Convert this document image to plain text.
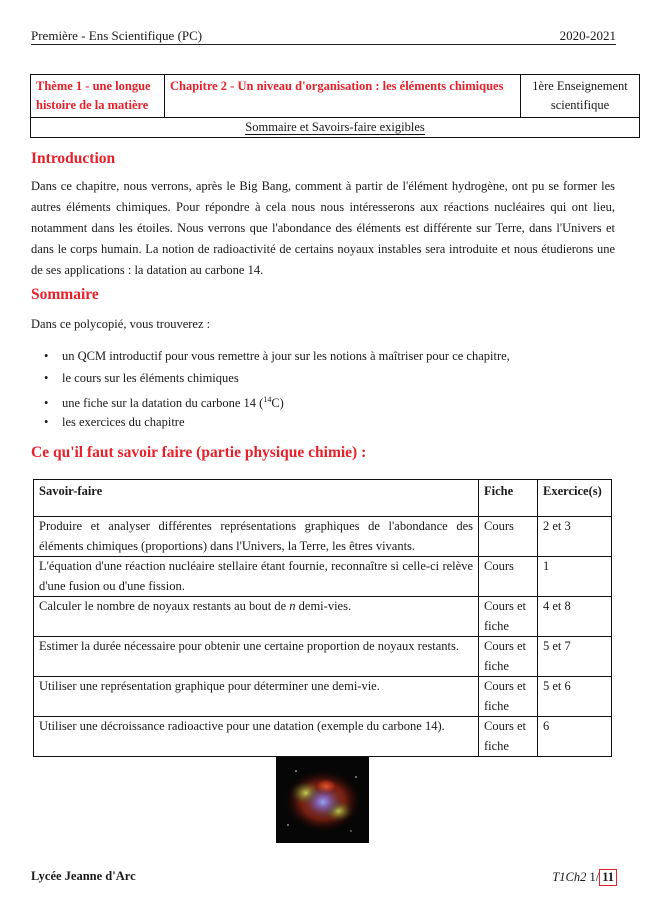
Première - Ens Scientifique (PC)	2020-2021
Thème 1 - une longue histoire de la matière	Chapitre 2 - Un niveau d'organisation : les éléments chimiques	1ère Enseignement scientifique
Sommaire et Savoirs-faire exigibles
Introduction

Dans ce chapitre, nous verrons, après le Big Bang, comment à partir de l'élément hydrogène, ont pu se former les autres éléments chimiques. Pour répondre à cela nous nous intéresserons aux réactions nucléaires qui ont lieu, notamment dans les étoiles. Nous verrons que l'abondance des éléments est différente sur Terre, dans l'Univers et dans le corps humain. La notion de radioactivité de certains noyaux instables sera introduite et nous étudierons une de ses applications : la datation au carbone 14.

Sommaire

Dans ce polycopié, vous trouverez :

• un QCM introductif pour vous remettre à jour sur les notions à maîtriser pour ce chapitre,
• le cours sur les éléments chimiques
• une fiche sur la datation du carbone 14 ($^{14}$C)
• les exercices du chapitre
Ce qu'il faut savoir faire (partie physique chimie) :
Savoir-faire	Fiche	Exercice(s)
Produire et analyser différentes représentations graphiques de l'abondance des éléments chimiques (proportions) dans l'Univers, la Terre, les êtres vivants.	Cours	2 et 3
L'équation d'une réaction nucléaire stellaire étant fournie, reconnaître si celle-ci relève d'une fusion ou d'une fission.	Cours	1
Calculer le nombre de noyaux restants au bout de n demi-vies.	Cours et fiche	4 et 8
Estimer la durée nécessaire pour obtenir une certaine proportion de noyaux restants.	Cours et fiche	5 et 7
Utiliser une représentation graphique pour déterminer une demi-vie.	Cours et fiche	5 et 6
Utiliser une décroissance radioactive pour une datation (exemple du carbone 14).	Cours et fiche	6
Lycée Jeanne d'Arc	T1Ch2 1/ 11
